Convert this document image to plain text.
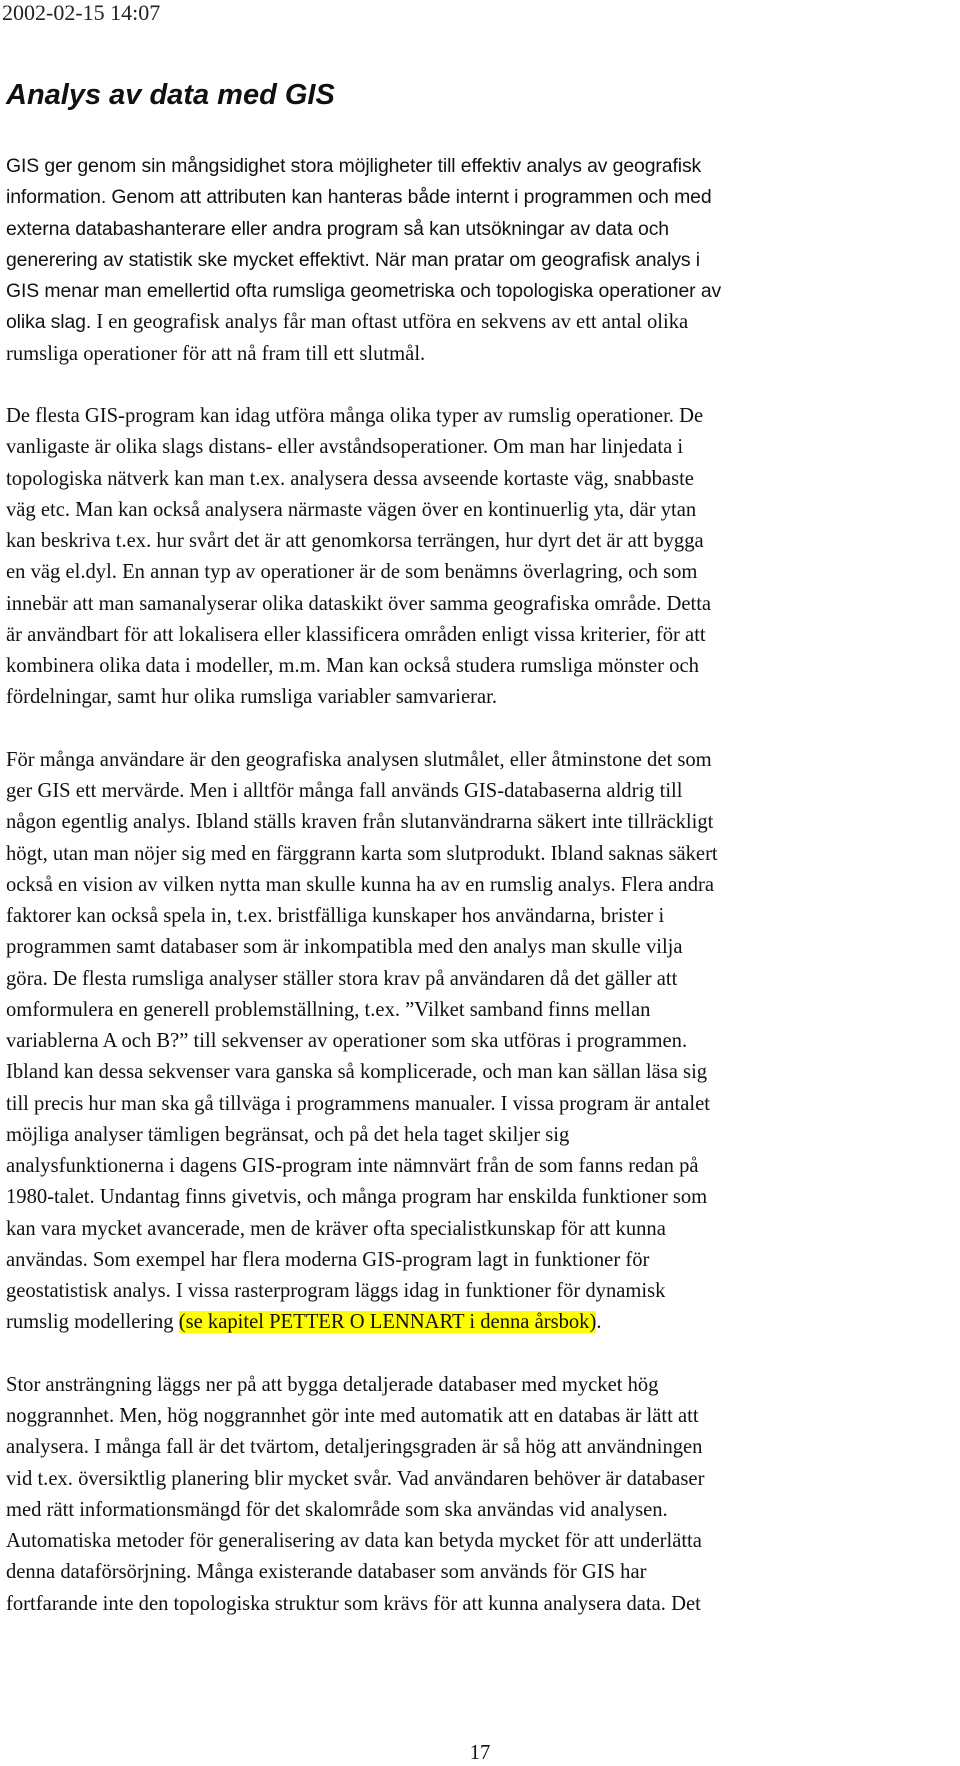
2002-02-15 14:07
Analys av data med GIS

GIS ger genom sin mångsidighet stora möjligheter till effektiv analys av geografisk
information. Genom att attributen kan hanteras både internt i programmen och med
externa databashanterare eller andra program så kan utsökningar av data och
generering av statistik ske mycket effektivt. När man pratar om geografisk analys i
GIS menar man emellertid ofta rumsliga geometriska och topologiska operationer av
olika slag. I en geografisk analys får man oftast utföra en sekvens av ett antal olika
rumsliga operationer för att nå fram till ett slutmål.

De flesta GIS-program kan idag utföra många olika typer av rumslig operationer. De
vanligaste är olika slags distans- eller avståndsoperationer. Om man har linjedata i
topologiska nätverk kan man t.ex. analysera dessa avseende kortaste väg, snabbaste
väg etc. Man kan också analysera närmaste vägen över en kontinuerlig yta, där ytan
kan beskriva t.ex. hur svårt det är att genomkorsa terrängen, hur dyrt det är att bygga
en väg el.dyl. En annan typ av operationer är de som benämns överlagring, och som
innebär att man samanalyserar olika dataskikt över samma geografiska område. Detta
är användbart för att lokalisera eller klassificera områden enligt vissa kriterier, för att
kombinera olika data i modeller, m.m. Man kan också studera rumsliga mönster och
fördelningar, samt hur olika rumsliga variabler samvarierar.

För många användare är den geografiska analysen slutmålet, eller åtminstone det som
ger GIS ett mervärde. Men i alltför många fall används GIS-databaserna aldrig till
någon egentlig analys. Ibland ställs kraven från slutanvändrarna säkert inte tillräckligt
högt, utan man nöjer sig med en färggrann karta som slutprodukt. Ibland saknas säkert
också en vision av vilken nytta man skulle kunna ha av en rumslig analys. Flera andra
faktorer kan också spela in, t.ex. bristfälliga kunskaper hos användarna, brister i
programmen samt databaser som är inkompatibla med den analys man skulle vilja
göra. De flesta rumsliga analyser ställer stora krav på användaren då det gäller att
omformulera en generell problemställning, t.ex. ”Vilket samband finns mellan
variablerna A och B?” till sekvenser av operationer som ska utföras i programmen.
Ibland kan dessa sekvenser vara ganska så komplicerade, och man kan sällan läsa sig
till precis hur man ska gå tillväga i programmens manualer. I vissa program är antalet
möjliga analyser tämligen begränsat, och på det hela taget skiljer sig
analysfunktionerna i dagens GIS-program inte nämnvärt från de som fanns redan på
1980-talet. Undantag finns givetvis, och många program har enskilda funktioner som
kan vara mycket avancerade, men de kräver ofta specialistkunskap för att kunna
användas. Som exempel har flera moderna GIS-program lagt in funktioner för
geostatistisk analys. I vissa rasterprogram läggs idag in funktioner för dynamisk
rumslig modellering (se kapitel PETTER O LENNART i denna årsbok).

Stor ansträngning läggs ner på att bygga detaljerade databaser med mycket hög
noggrannhet. Men, hög noggrannhet gör inte med automatik att en databas är lätt att
analysera. I många fall är det tvärtom, detaljeringsgraden är så hög att användningen
vid t.ex. översiktlig planering blir mycket svår. Vad användaren behöver är databaser
med rätt informationsmängd för det skalområde som ska användas vid analysen.
Automatiska metoder för generalisering av data kan betyda mycket för att underlätta
denna dataförsörjning. Många existerande databaser som används för GIS har
fortfarande inte den topologiska struktur som krävs för att kunna analysera data. Det

17
